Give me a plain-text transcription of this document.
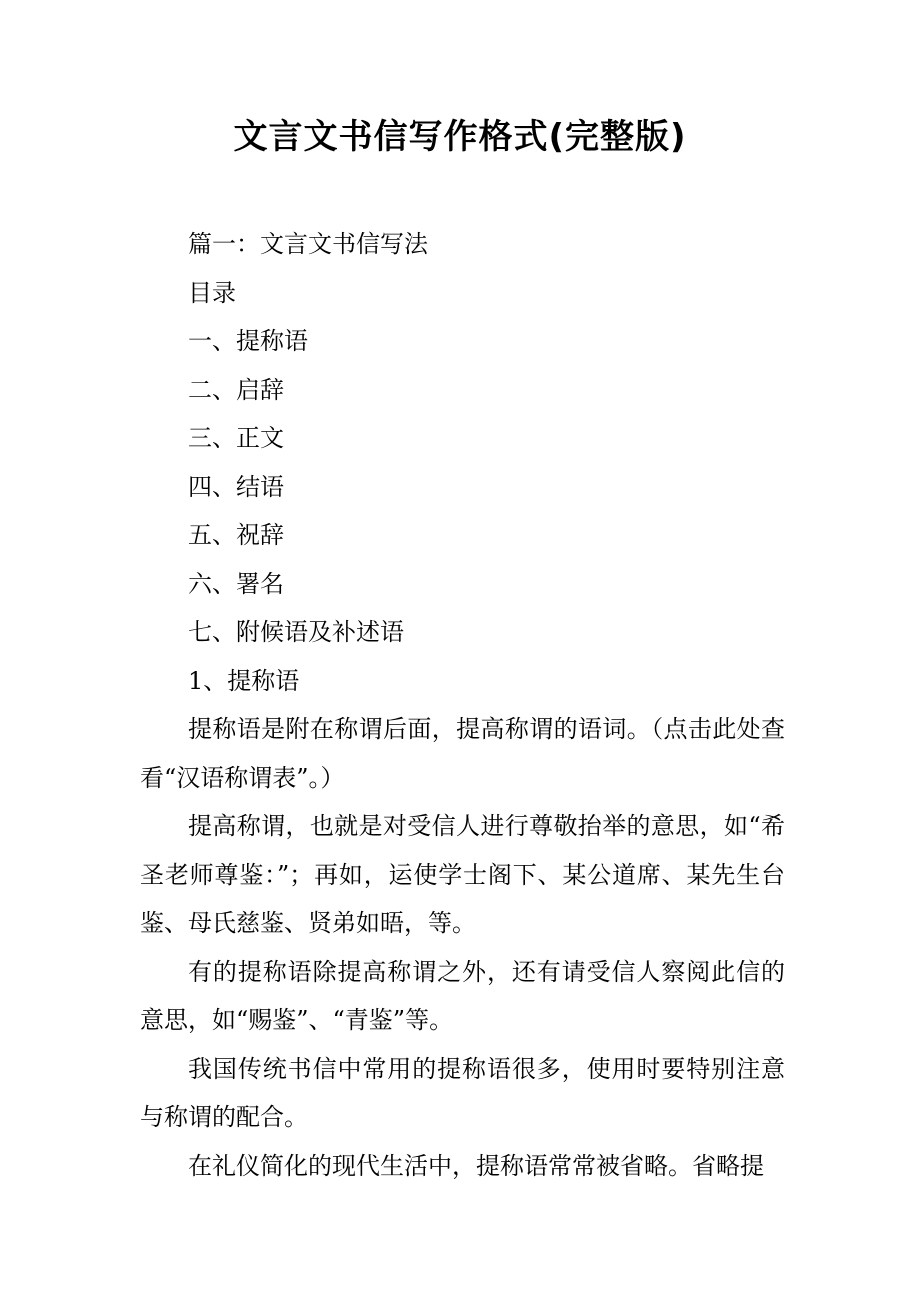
文言文书信写作格式(完整版)

篇一：文言文书信写法

目录

一、提称语

二、启辞

三、正文

四、结语

五、祝辞

六、署名

七、附候语及补述语

1、提称语

提称语是附在称谓后面，提高称谓的语词。（点击此处查看“汉语称谓表”。）

提高称谓，也就是对受信人进行尊敬抬举的意思，如“希圣老师尊鉴：”；再如，运使学士阁下、某公道席、某先生台鉴、母氏慈鉴、贤弟如晤，等。

有的提称语除提高称谓之外，还有请受信人察阅此信的意思，如“赐鉴”、“青鉴”等。

我国传统书信中常用的提称语很多，使用时要特别注意与称谓的配合。

在礼仪简化的现代生活中，提称语常常被省略。省略提
